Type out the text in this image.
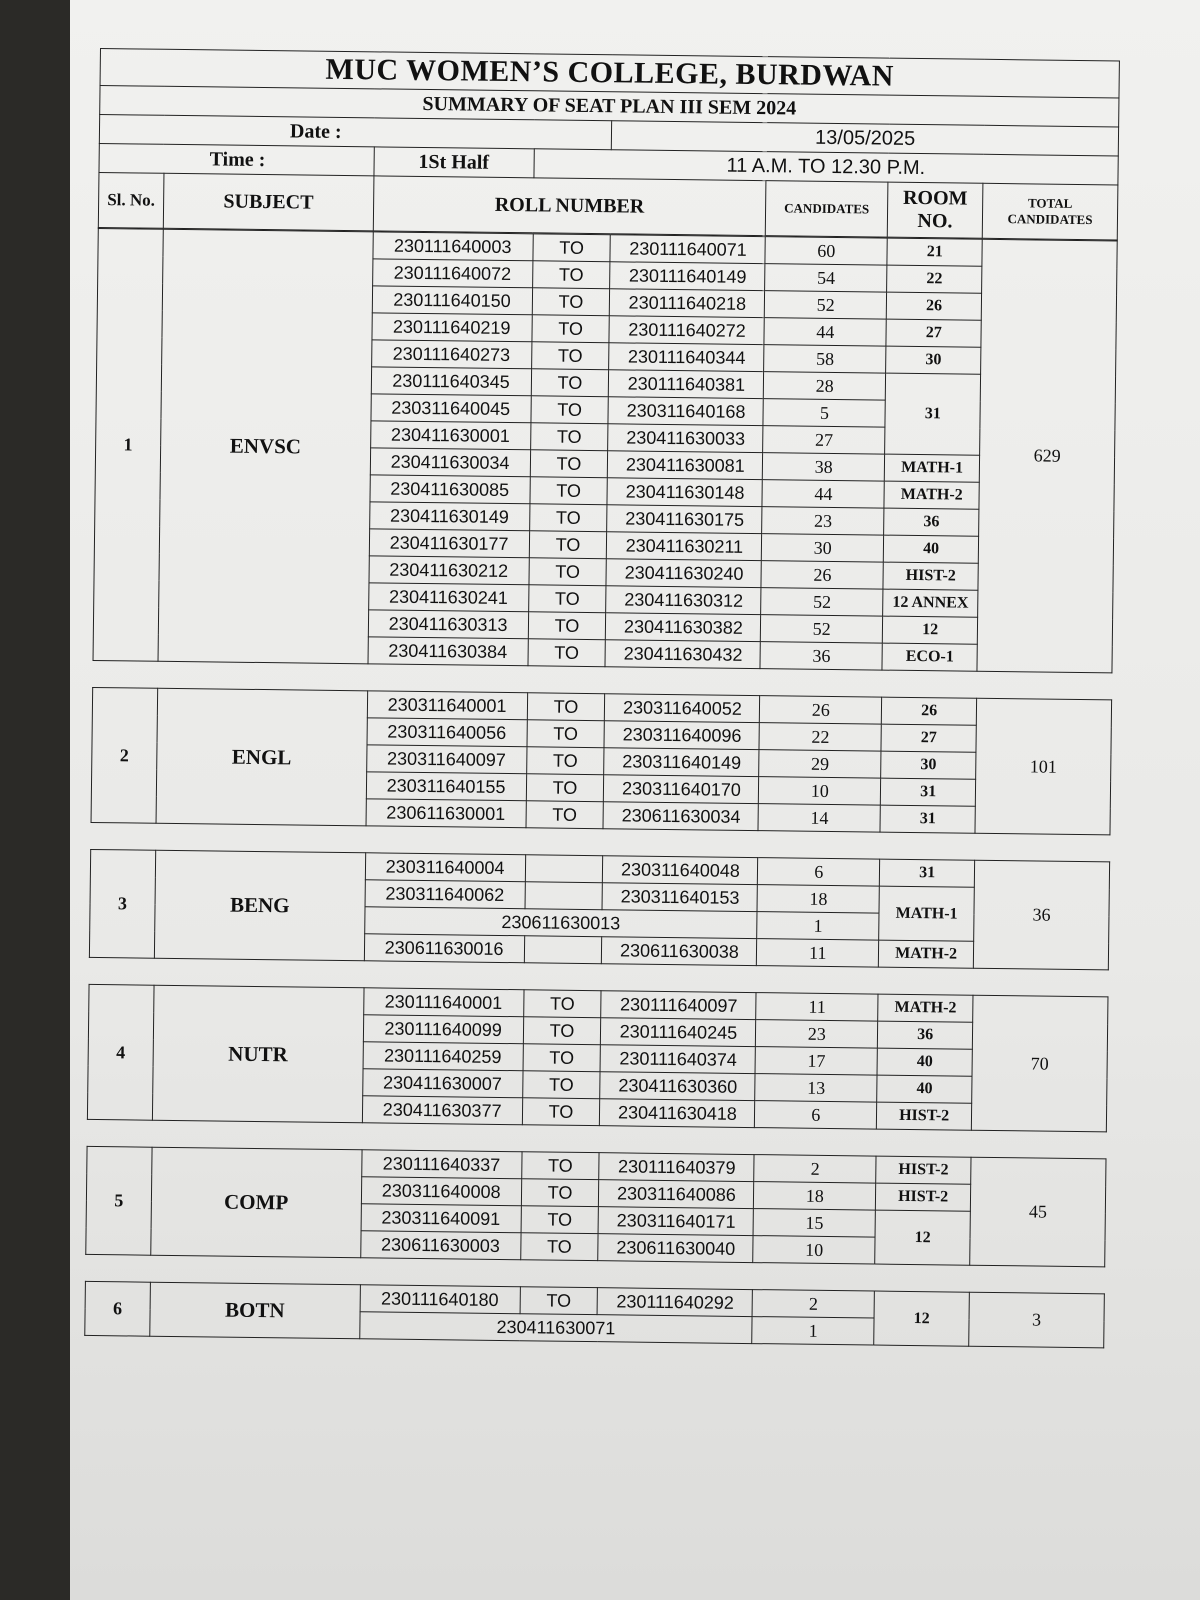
MUC WOMEN’S COLLEGE, BURDWAN							
SUMMARY OF SEAT PLAN III SEM 2024							
Date :				13/05/2025			
Time :		1St Half	11 A.M. TO 12.30 P.M.				
Sl. No.	SUBJECT	ROLL NUMBER			CANDIDATES	ROOM NO.	TOTAL CANDIDATES
1	ENVSC	230111640003	TO	230111640071	60	21	629
		230111640072	TO	230111640149	54	22	
		230111640150	TO	230111640218	52	26	
		230111640219	TO	230111640272	44	27	
		230111640273	TO	230111640344	58	30	
		230111640345	TO	230111640381	28	31	
		230311640045	TO	230311640168	5		
		230411630001	TO	230411630033	27		
		230411630034	TO	230411630081	38	MATH-1	
		230411630085	TO	230411630148	44	MATH-2	
		230411630149	TO	230411630175	23	36	
		230411630177	TO	230411630211	30	40	
		230411630212	TO	230411630240	26	HIST-2	
		230411630241	TO	230411630312	52	12 ANNEX	
		230411630313	TO	230411630382	52	12	
		230411630384	TO	230411630432	36	ECO-1	

2	ENGL	230311640001	TO	230311640052	26	26	101
		230311640056	TO	230311640096	22	27	
		230311640097	TO	230311640149	29	30	
		230311640155	TO	230311640170	10	31	
		230611630001	TO	230611630034	14	31	

3	BENG	230311640004		230311640048	6	31	36
		230311640062		230311640153	18	MATH-1	
		230611630013			1		
		230611630016		230611630038	11	MATH-2	

4	NUTR	230111640001	TO	230111640097	11	MATH-2	70
		230111640099	TO	230111640245	23	36	
		230111640259	TO	230111640374	17	40	
		230411630007	TO	230411630360	13	40	
		230411630377	TO	230411630418	6	HIST-2	

5	COMP	230111640337	TO	230111640379	2	HIST-2	45
		230311640008	TO	230311640086	18	HIST-2	
		230311640091	TO	230311640171	15	12	
		230611630003	TO	230611630040	10		

6	BOTN	230111640180	TO	230111640292	2	12	3
		230411630071			1		
